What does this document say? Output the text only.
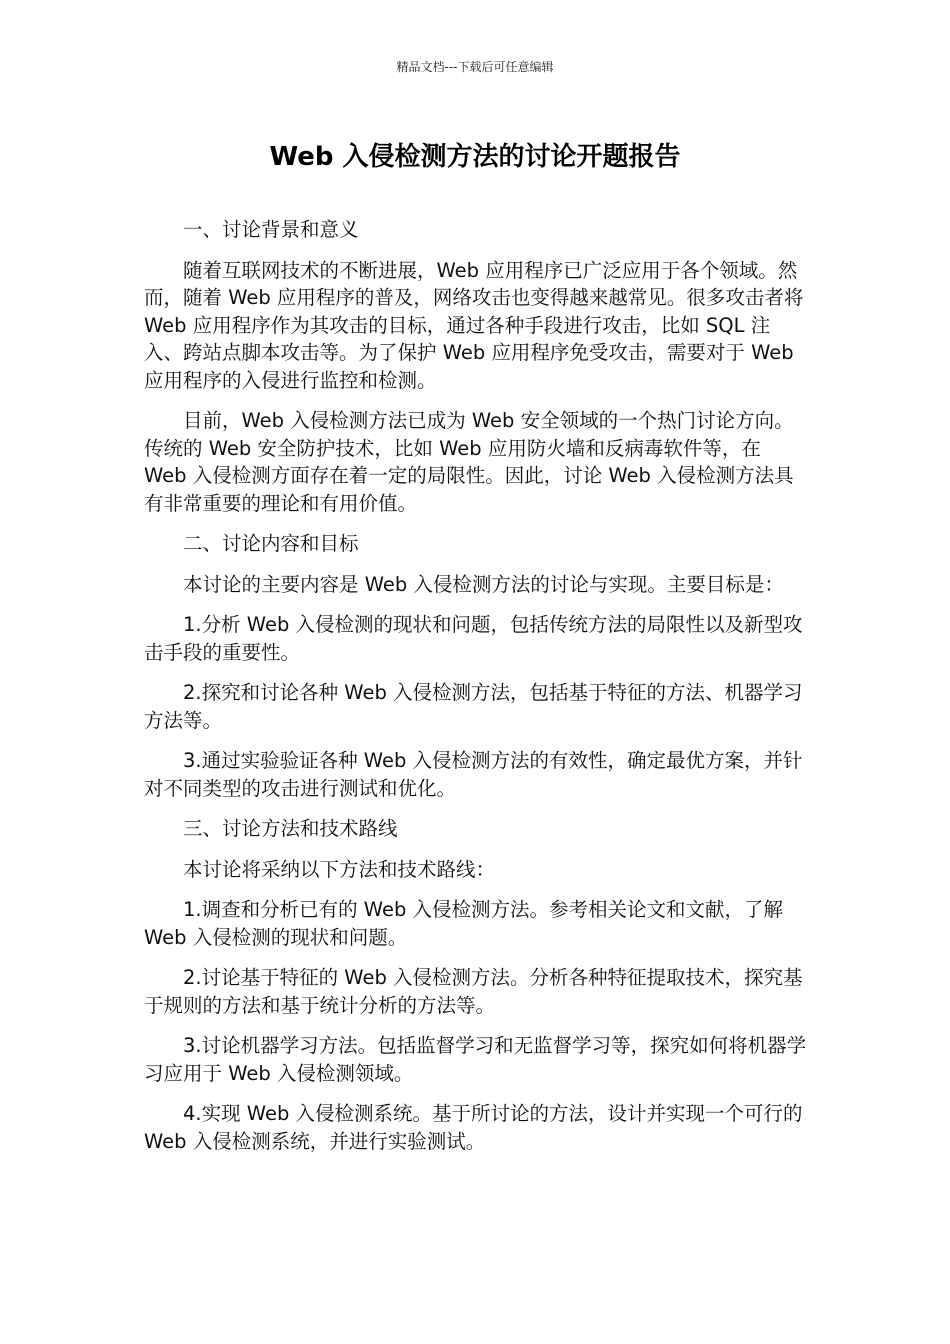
精品文档---下载后可任意编辑
Web 入侵检测方法的讨论开题报告

一、讨论背景和意义

随着互联网技术的不断进展，Web 应用程序已广泛应用于各个领域。然而，随着 Web 应用程序的普及，网络攻击也变得越来越常见。很多攻击者将 Web 应用程序作为其攻击的目标，通过各种手段进行攻击，比如 SQL 注入、跨站点脚本攻击等。为了保护 Web 应用程序免受攻击，需要对于 Web 应用程序的入侵进行监控和检测。

目前，Web 入侵检测方法已成为 Web 安全领域的一个热门讨论方向。传统的 Web 安全防护技术，比如 Web 应用防火墙和反病毒软件等，在 Web 入侵检测方面存在着一定的局限性。因此，讨论 Web 入侵检测方法具有非常重要的理论和有用价值。

二、讨论内容和目标

本讨论的主要内容是 Web 入侵检测方法的讨论与实现。主要目标是：

1.分析 Web 入侵检测的现状和问题，包括传统方法的局限性以及新型攻击手段的重要性。

2.探究和讨论各种 Web 入侵检测方法，包括基于特征的方法、机器学习方法等。

3.通过实验验证各种 Web 入侵检测方法的有效性，确定最优方案，并针对不同类型的攻击进行测试和优化。

三、讨论方法和技术路线

本讨论将采纳以下方法和技术路线：

1.调查和分析已有的 Web 入侵检测方法。参考相关论文和文献，了解 Web 入侵检测的现状和问题。

2.讨论基于特征的 Web 入侵检测方法。分析各种特征提取技术，探究基于规则的方法和基于统计分析的方法等。

3.讨论机器学习方法。包括监督学习和无监督学习等，探究如何将机器学习应用于 Web 入侵检测领域。

4.实现 Web 入侵检测系统。基于所讨论的方法，设计并实现一个可行的 Web 入侵检测系统，并进行实验测试。
